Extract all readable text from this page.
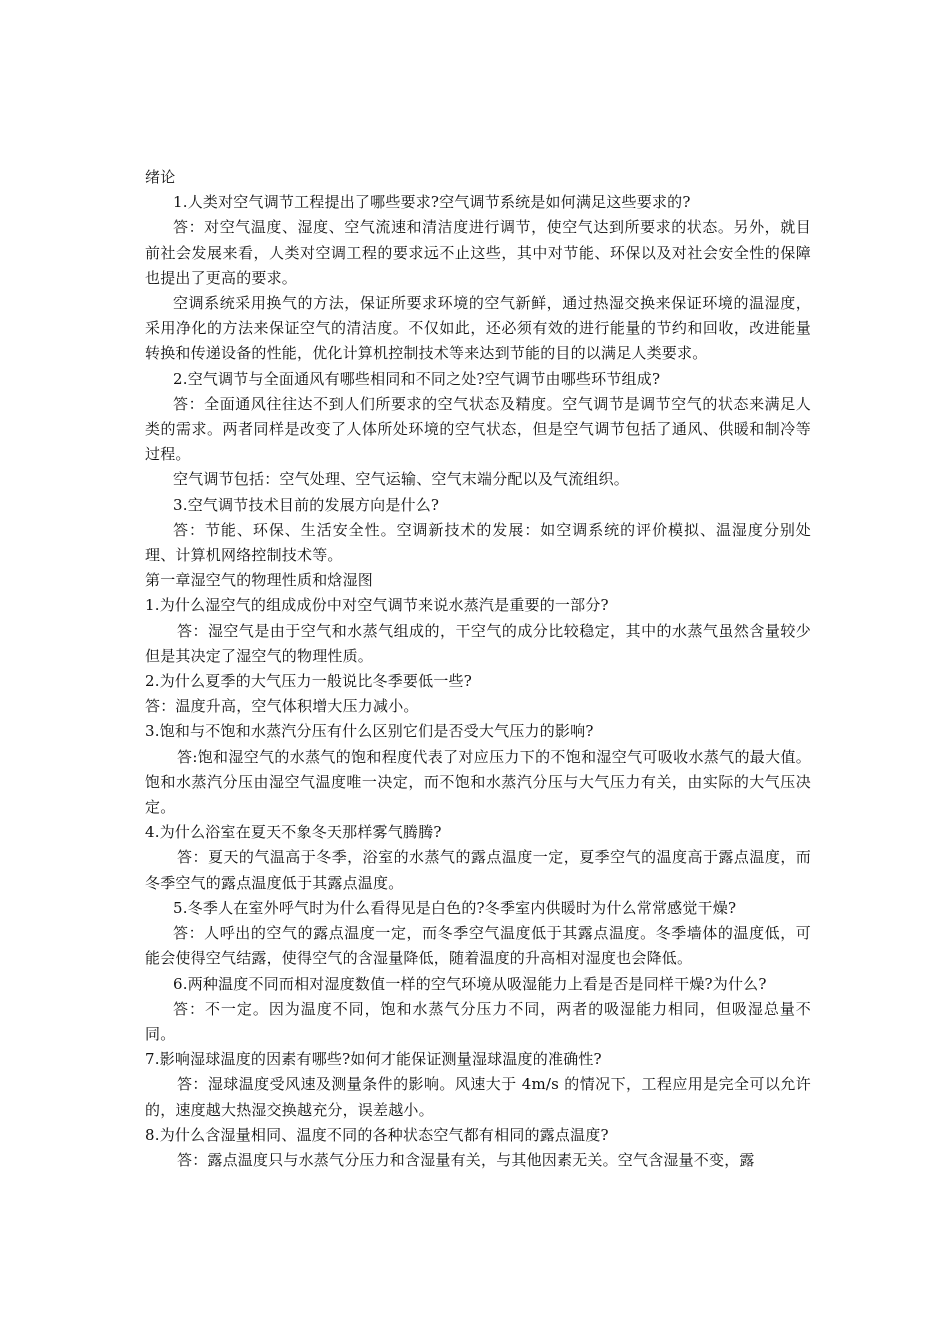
绪论

1.人类对空气调节工程提出了哪些要求?空气调节系统是如何满足这些要求的?

答：对空气温度、湿度、空气流速和清洁度进行调节，使空气达到所要求的状态。另外，就目前社会发展来看，人类对空调工程的要求远不止这些，其中对节能、环保以及对社会安全性的保障也提出了更高的要求。

空调系统采用换气的方法，保证所要求环境的空气新鲜，通过热湿交换来保证环境的温湿度，采用净化的方法来保证空气的清洁度。不仅如此，还必须有效的进行能量的节约和回收，改进能量转换和传递设备的性能，优化计算机控制技术等来达到节能的目的以满足人类要求。

2.空气调节与全面通风有哪些相同和不同之处?空气调节由哪些环节组成?

答：全面通风往往达不到人们所要求的空气状态及精度。空气调节是调节空气的状态来满足人类的需求。两者同样是改变了人体所处环境的空气状态，但是空气调节包括了通风、供暖和制冷等过程。

空气调节包括：空气处理、空气运输、空气末端分配以及气流组织。

3.空气调节技术目前的发展方向是什么?

答：节能、环保、生活安全性。空调新技术的发展：如空调系统的评价模拟、温湿度分别处理、计算机网络控制技术等。

第一章湿空气的物理性质和焓湿图

1.为什么湿空气的组成成份中对空气调节来说水蒸汽是重要的一部分?

答：湿空气是由于空气和水蒸气组成的，干空气的成分比较稳定，其中的水蒸气虽然含量较少但是其决定了湿空气的物理性质。

2.为什么夏季的大气压力一般说比冬季要低一些?

答：温度升高，空气体积增大压力减小。

3.饱和与不饱和水蒸汽分压有什么区别它们是否受大气压力的影响?

答:饱和湿空气的水蒸气的饱和程度代表了对应压力下的不饱和湿空气可吸收水蒸气的最大值。饱和水蒸汽分压由湿空气温度唯一决定，而不饱和水蒸汽分压与大气压力有关，由实际的大气压决定。

4.为什么浴室在夏天不象冬天那样雾气腾腾?

答：夏天的气温高于冬季，浴室的水蒸气的露点温度一定，夏季空气的温度高于露点温度，而冬季空气的露点温度低于其露点温度。

5.冬季人在室外呼气时为什么看得见是白色的?冬季室内供暖时为什么常常感觉干燥?

答：人呼出的空气的露点温度一定，而冬季空气温度低于其露点温度。冬季墙体的温度低，可能会使得空气结露，使得空气的含湿量降低，随着温度的升高相对湿度也会降低。

6.两种温度不同而相对湿度数值一样的空气环境从吸湿能力上看是否是同样干燥?为什么?

答：不一定。因为温度不同，饱和水蒸气分压力不同，两者的吸湿能力相同，但吸湿总量不同。

7.影响湿球温度的因素有哪些?如何才能保证测量湿球温度的准确性?

答：湿球温度受风速及测量条件的影响。风速大于 4m/s 的情况下，工程应用是完全可以允许的，速度越大热湿交换越充分，误差越小。

8.为什么含湿量相同、温度不同的各种状态空气都有相同的露点温度?

答：露点温度只与水蒸气分压力和含湿量有关，与其他因素无关。空气含湿量不变，露
